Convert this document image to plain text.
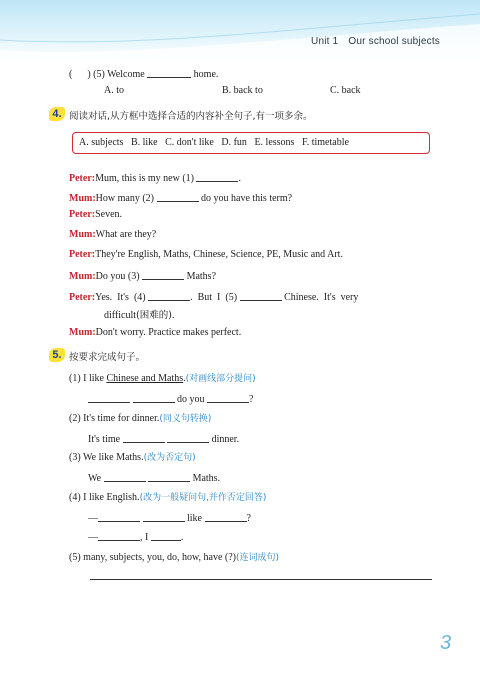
Unit 1 Our school subjects
(      ) (5) Welcome	home.
A. to	B. back to	C. back
4. 阅读对话,从方框中选择合适的内容补全句子,有一项多余。
A. subjects B. like C. don't like D. fun E. lessons F. timetable
Peter:Mum, this is my new (1)	.
Mum:How many (2)	do you have this term?
Peter:Seven.
Mum:What are they?
Peter:They're English, Maths, Chinese, Science, PE, Music and Art.
Mum:Do you (3)	Maths?
Peter:Yes.  It's  (4)	.  But  I  (5)	Chinese.  It's  very
difficult(困难的).
Mum:Don't worry. Practice makes perfect.
5. 按要求完成句子。
(1) I like Chinese and Maths.(对画线部分提问)
do you	?
(2) It's time for dinner.(同义句转换)
It's time	dinner.
(3) We like Maths.(改为否定句)
We	Maths.
(4) I like English.(改为一般疑问句,并作否定回答)
—	like	?
—	, I	.
(5) many, subjects, you, do, how, have (?)(连词成句)
3
